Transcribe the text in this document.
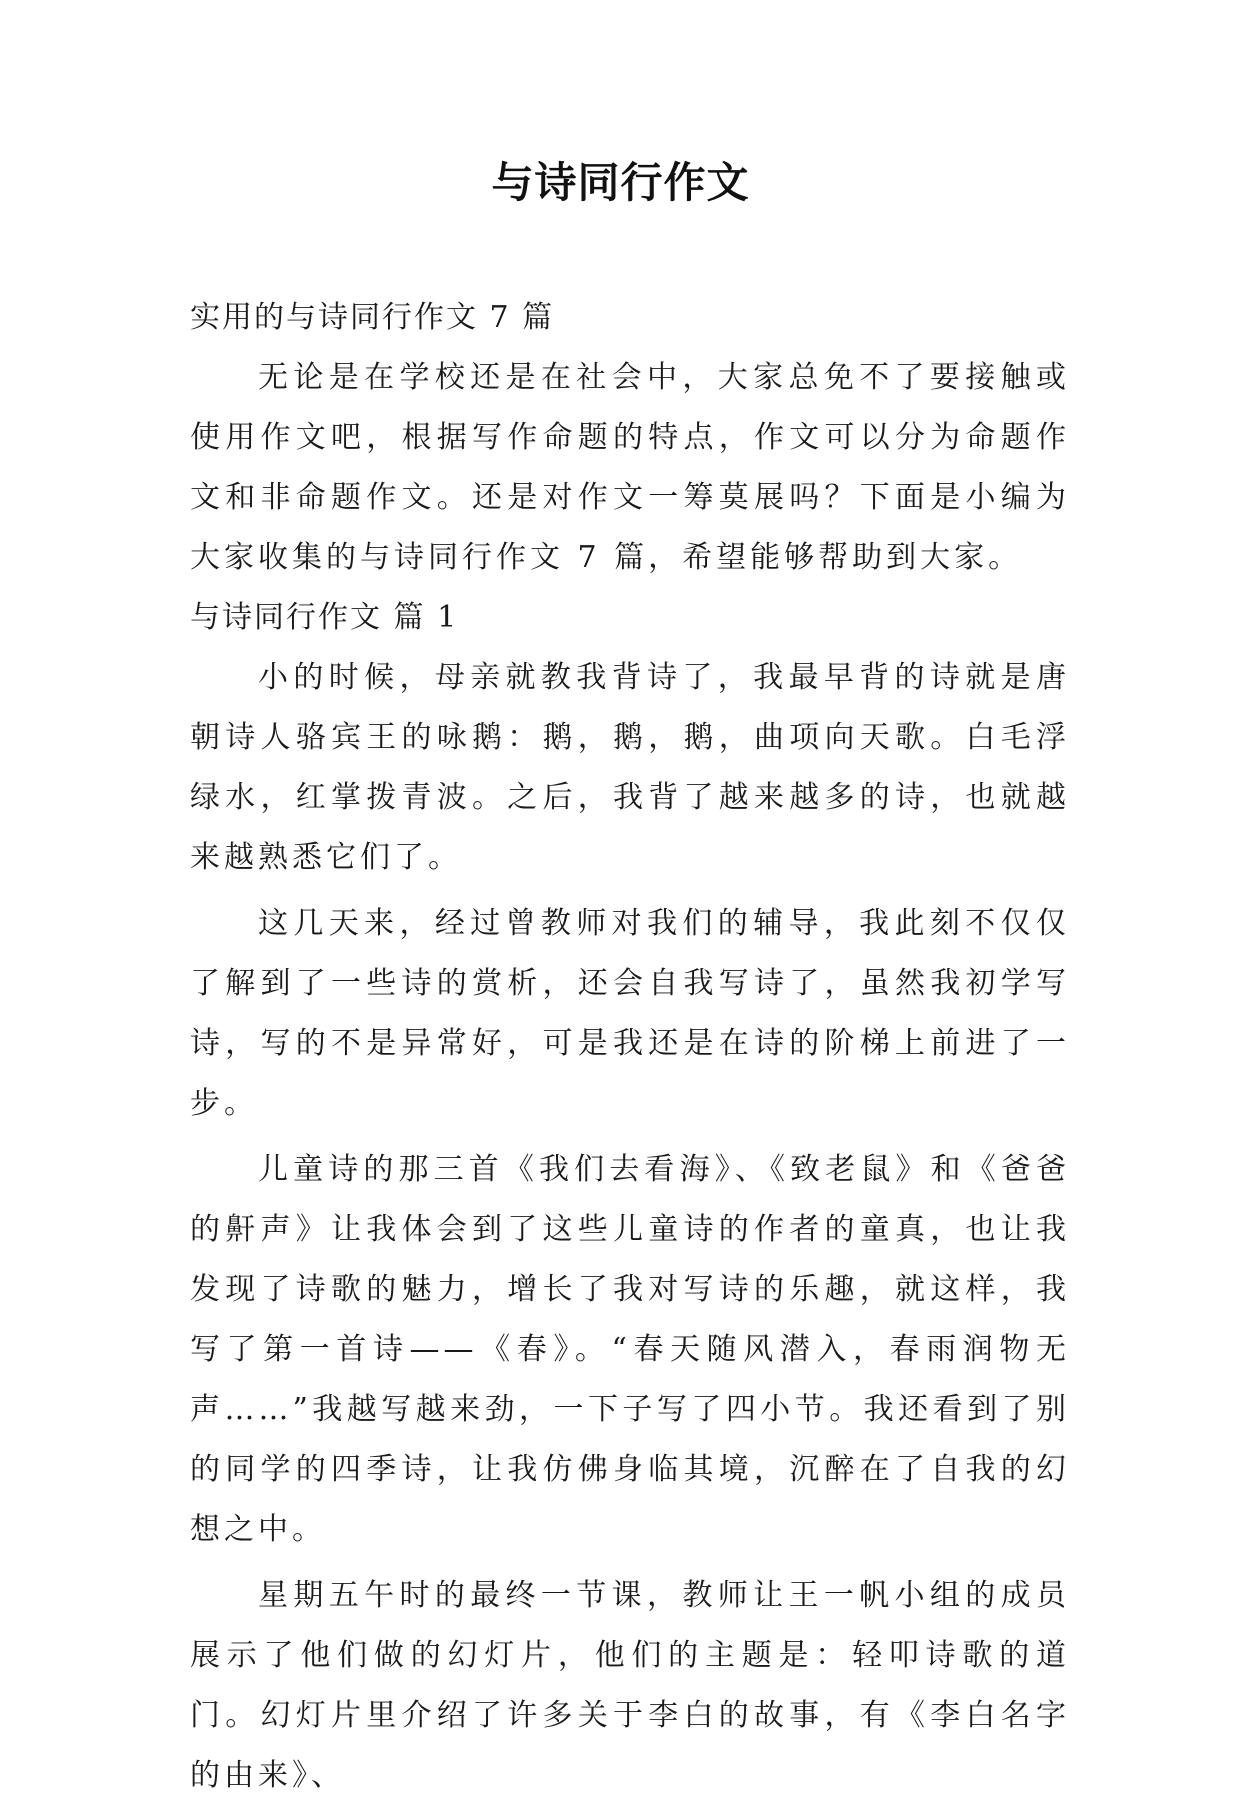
与诗同行作文

实用的与诗同行作文 7 篇

无论是在学校还是在社会中，大家总免不了要接触或使用作文吧，根据写作命题的特点，作文可以分为命题作文和非命题作文。还是对作文一筹莫展吗？下面是小编为大家收集的与诗同行作文 7 篇，希望能够帮助到大家。

与诗同行作文 篇 1

小的时候，母亲就教我背诗了，我最早背的诗就是唐朝诗人骆宾王的咏鹅：鹅，鹅，鹅，曲项向天歌。白毛浮绿水，红掌拨青波。之后，我背了越来越多的诗，也就越来越熟悉它们了。

这几天来，经过曾教师对我们的辅导，我此刻不仅仅了解到了一些诗的赏析，还会自我写诗了，虽然我初学写诗，写的不是异常好，可是我还是在诗的阶梯上前进了一步。

儿童诗的那三首《我们去看海》、《致老鼠》和《爸爸的鼾声》让我体会到了这些儿童诗的作者的童真，也让我发现了诗歌的魅力，增长了我对写诗的乐趣，就这样，我写了第一首诗——《春》。“春天随风潜入，春雨润物无声……”我越写越来劲，一下子写了四小节。我还看到了别的同学的四季诗，让我仿佛身临其境，沉醉在了自我的幻想之中。

星期五午时的最终一节课，教师让王一帆小组的成员展示了他们做的幻灯片，他们的主题是：轻叩诗歌的道门。幻灯片里介绍了许多关于李白的故事，有《李白名字的由来》、
